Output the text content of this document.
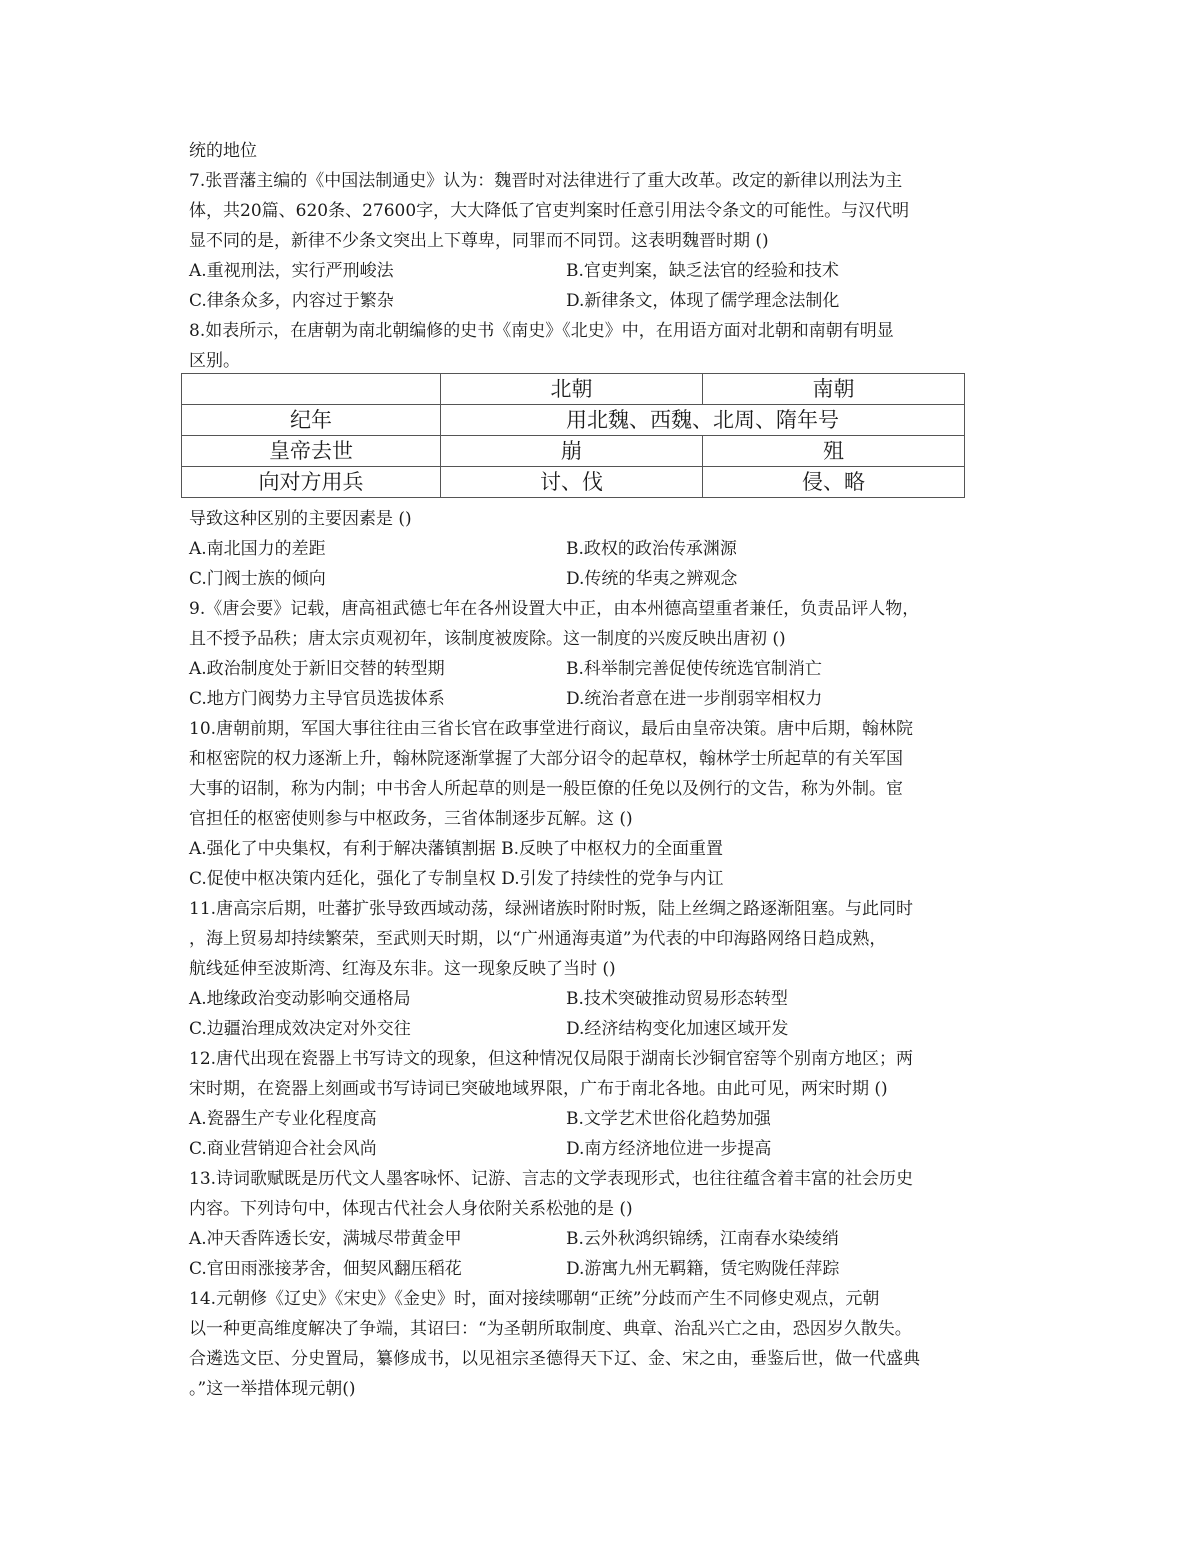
统的地位
7.张晋藩主编的《中国法制通史》认为：魏晋时对法律进行了重大改革。改定的新律以刑法为主
体，共20篇、620条、27600字，大大降低了官吏判案时任意引用法令条文的可能性。与汉代明
显不同的是，新律不少条文突出上下尊卑，同罪而不同罚。这表明魏晋时期 ()
A.重视刑法，实行严刑峻法	B.官吏判案，缺乏法官的经验和技术
C.律条众多，内容过于繁杂	D.新律条文，体现了儒学理念法制化
8.如表所示，在唐朝为南北朝编修的史书《南史》《北史》中，在用语方面对北朝和南朝有明显
区别。
	北朝	南朝
纪年	用北魏、西魏、北周、隋年号	
皇帝去世	崩	殂
向对方用兵	讨、伐	侵、略
导致这种区别的主要因素是 ()
A.南北国力的差距	B.政权的政治传承渊源
C.门阀士族的倾向	D.传统的华夷之辨观念
9.《唐会要》记载，唐高祖武德七年在各州设置大中正，由本州德高望重者兼任，负责品评人物，
且不授予品秩；唐太宗贞观初年，该制度被废除。这一制度的兴废反映出唐初 ()
A.政治制度处于新旧交替的转型期	B.科举制完善促使传统选官制消亡
C.地方门阀势力主导官员选拔体系	D.统治者意在进一步削弱宰相权力
10.唐朝前期，军国大事往往由三省长官在政事堂进行商议，最后由皇帝决策。唐中后期，翰林院
和枢密院的权力逐渐上升，翰林院逐渐掌握了大部分诏令的起草权，翰林学士所起草的有关军国
大事的诏制，称为内制；中书舍人所起草的则是一般臣僚的任免以及例行的文告，称为外制。宦
官担任的枢密使则参与中枢政务，三省体制逐步瓦解。这 ()
A.强化了中央集权，有利于解决藩镇割据 B.反映了中枢权力的全面重置
C.促使中枢决策内廷化，强化了专制皇权 D.引发了持续性的党争与内讧
11.唐高宗后期，吐蕃扩张导致西域动荡，绿洲诸族时附时叛，陆上丝绸之路逐渐阻塞。与此同时
，海上贸易却持续繁荣，至武则天时期，以“广州通海夷道”为代表的中印海路网络日趋成熟，
航线延伸至波斯湾、红海及东非。这一现象反映了当时 ()
A.地缘政治变动影响交通格局	B.技术突破推动贸易形态转型
C.边疆治理成效决定对外交往	D.经济结构变化加速区域开发
12.唐代出现在瓷器上书写诗文的现象，但这种情况仅局限于湖南长沙铜官窑等个别南方地区；两
宋时期，在瓷器上刻画或书写诗词已突破地域界限，广布于南北各地。由此可见，两宋时期 ()
A.瓷器生产专业化程度高	B.文学艺术世俗化趋势加强
C.商业营销迎合社会风尚	D.南方经济地位进一步提高
13.诗词歌赋既是历代文人墨客咏怀、记游、言志的文学表现形式，也往往蕴含着丰富的社会历史
内容。下列诗句中，体现古代社会人身依附关系松弛的是 ()
A.冲天香阵透长安，满城尽带黄金甲	B.云外秋鸿织锦绣，江南春水染绫绡
C.官田雨涨接茅舍，佃契风翻压稻花	D.游寓九州无羁籍，赁宅购陇任萍踪
14.元朝修《辽史》《宋史》《金史》时，面对接续哪朝“正统”分歧而产生不同修史观点，元朝
以一种更高维度解决了争端，其诏曰：“为圣朝所取制度、典章、治乱兴亡之由，恐因岁久散失。
合遴选文臣、分史置局，纂修成书，以见祖宗圣德得天下辽、金、宋之由，垂鉴后世，做一代盛典
。”这一举措体现元朝()
